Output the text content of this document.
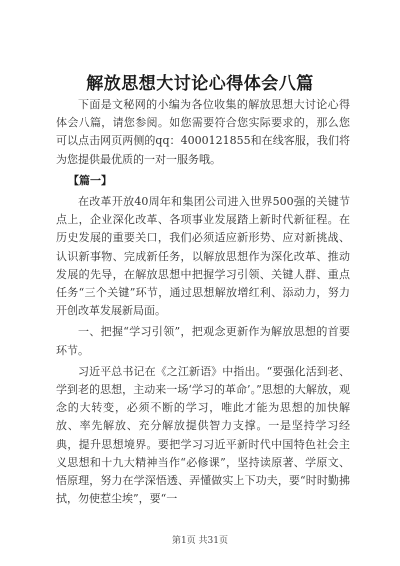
解放思想大讨论心得体会八篇

下面是文秘网的小编为各位收集的解放思想大讨论心得体会八篇，请您参阅。如您需要符合您实际要求的，那么您可以点击网页两侧的qq：4000121855和在线客服，我们将为您提供最优质的一对一服务哦。

【篇一】

在改革开放40周年和集团公司进入世界500强的关键节点上，企业深化改革、各项事业发展踏上新时代新征程。在历史发展的重要关口，我们必须适应新形势、应对新挑战、认识新事物、完成新任务，以解放思想作为深化改革、推动发展的先导，在解放思想中把握学习引领、关键人群、重点任务“三个关键”环节，通过思想解放增红利、添动力，努力开创改革发展新局面。

一、把握“学习引领”，把观念更新作为解放思想的首要环节。

习近平总书记在《之江新语》中指出。“要强化活到老、学到老的思想，主动来一场‘学习的革命’。”思想的大解放，观念的大转变，必须不断的学习，唯此才能为思想的加快解放、率先解放、充分解放提供智力支撑。一是坚持学习经典，提升思想境界。要把学习习近平新时代中国特色社会主义思想和十九大精神当作“必修课”，坚持读原著、学原文、悟原理，努力在学深悟透、弄懂做实上下功夫，要“时时勤拂拭，勿使惹尘埃”，要“一

第1页 共31页
